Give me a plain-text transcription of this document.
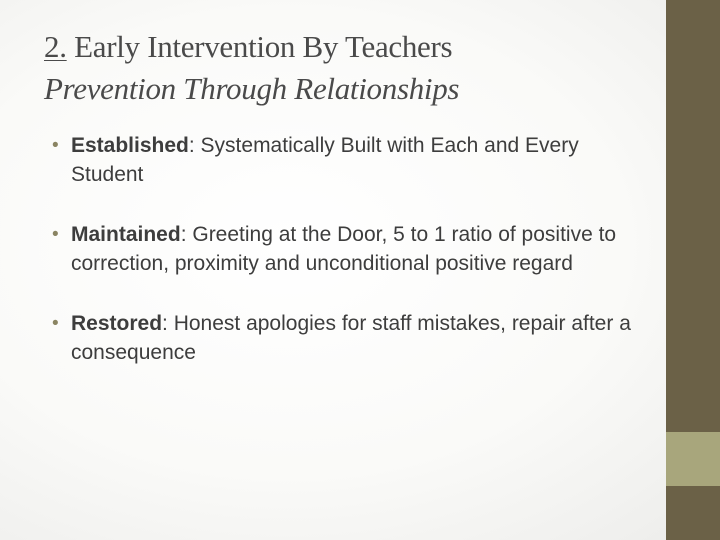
2. Early Intervention By Teachers
Prevention Through Relationships
• Established: Systematically Built with Each and Every Student
• Maintained: Greeting at the Door, 5 to 1 ratio of positive to correction, proximity and unconditional positive regard
• Restored: Honest apologies for staff mistakes, repair after a consequence
